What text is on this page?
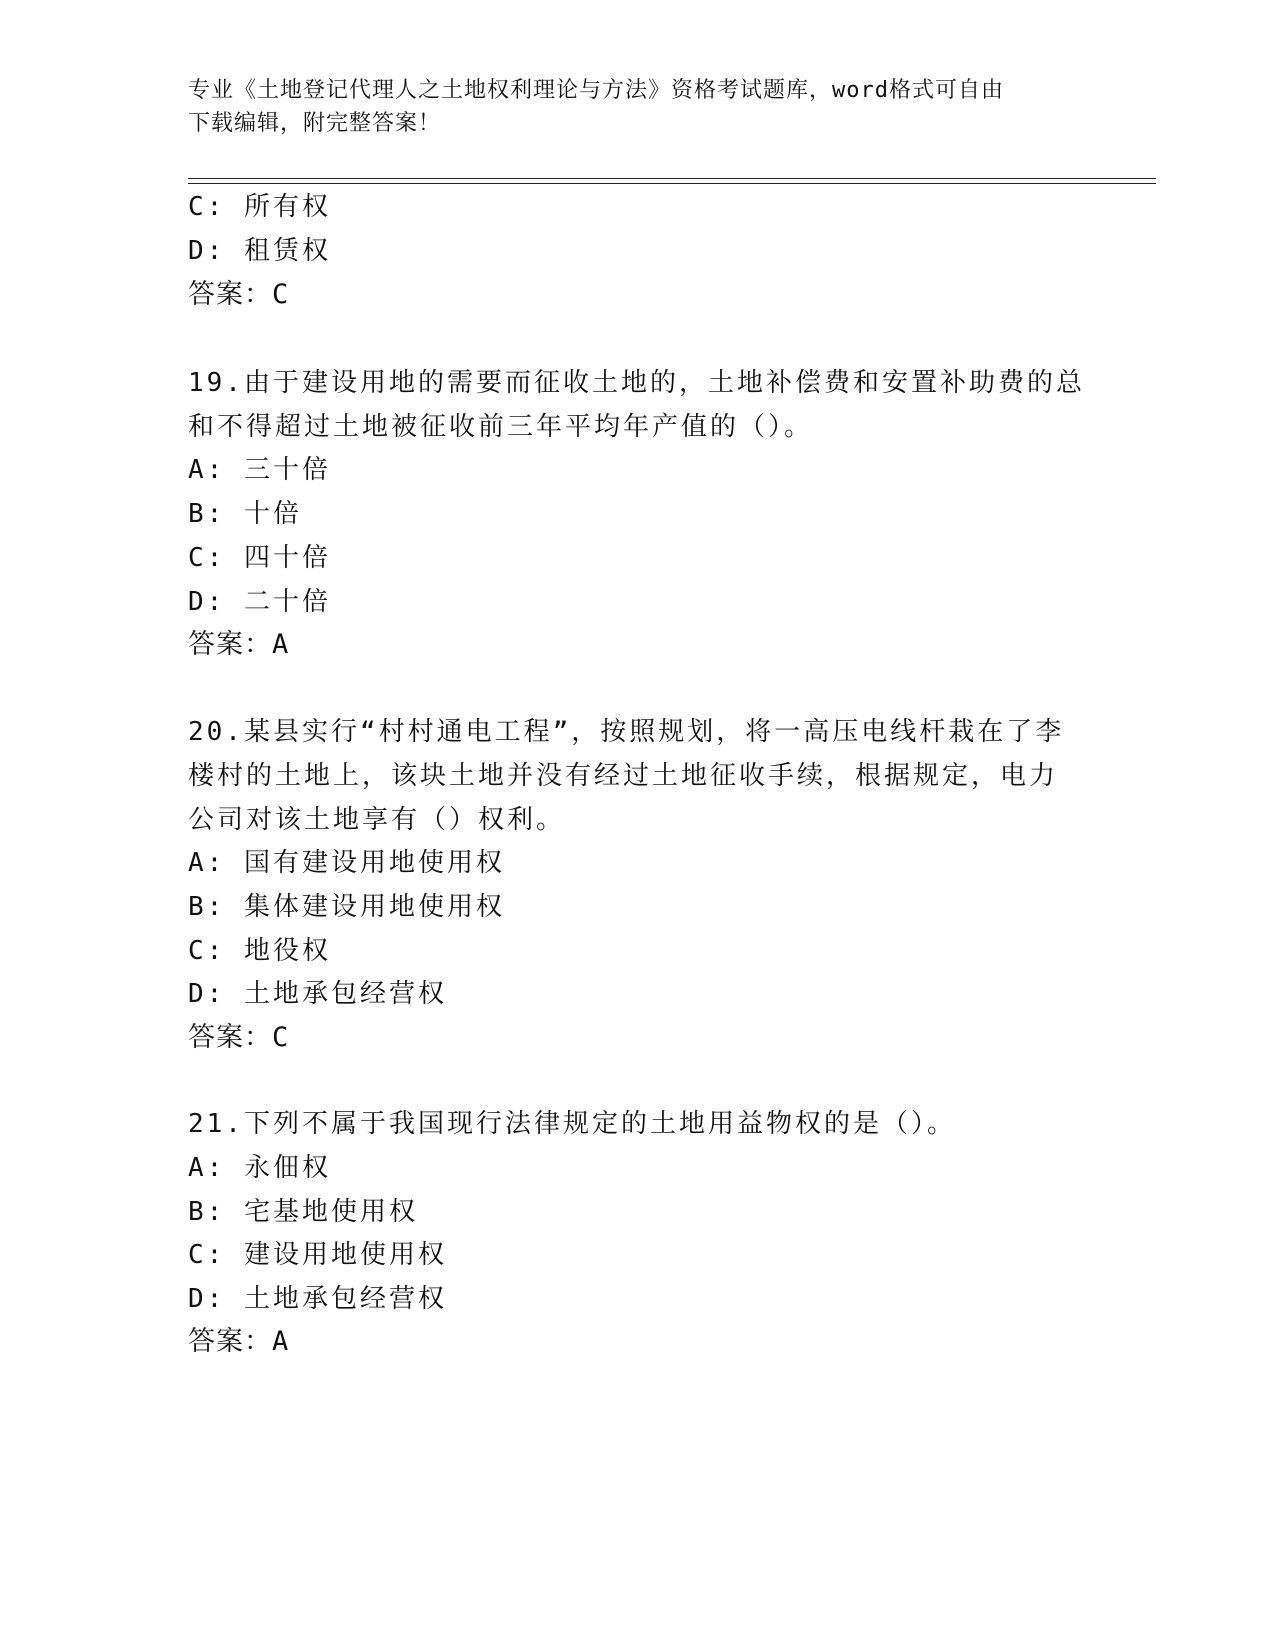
专业《土地登记代理人之土地权利理论与方法》资格考试题库，word格式可自由
下载编辑，附完整答案！
C: 所有权
D: 租赁权
答案：C
19.由于建设用地的需要而征收土地的，土地补偿费和安置补助费的总
和不得超过土地被征收前三年平均年产值的（）。
A: 三十倍
B: 十倍
C: 四十倍
D: 二十倍
答案：A
20.某县实行“村村通电工程”，按照规划，将一高压电线杆栽在了李
楼村的土地上，该块土地并没有经过土地征收手续，根据规定，电力
公司对该土地享有（）权利。
A: 国有建设用地使用权
B: 集体建设用地使用权
C: 地役权
D: 土地承包经营权
答案：C
21.下列不属于我国现行法律规定的土地用益物权的是（）。
A: 永佃权
B: 宅基地使用权
C: 建设用地使用权
D: 土地承包经营权
答案：A
